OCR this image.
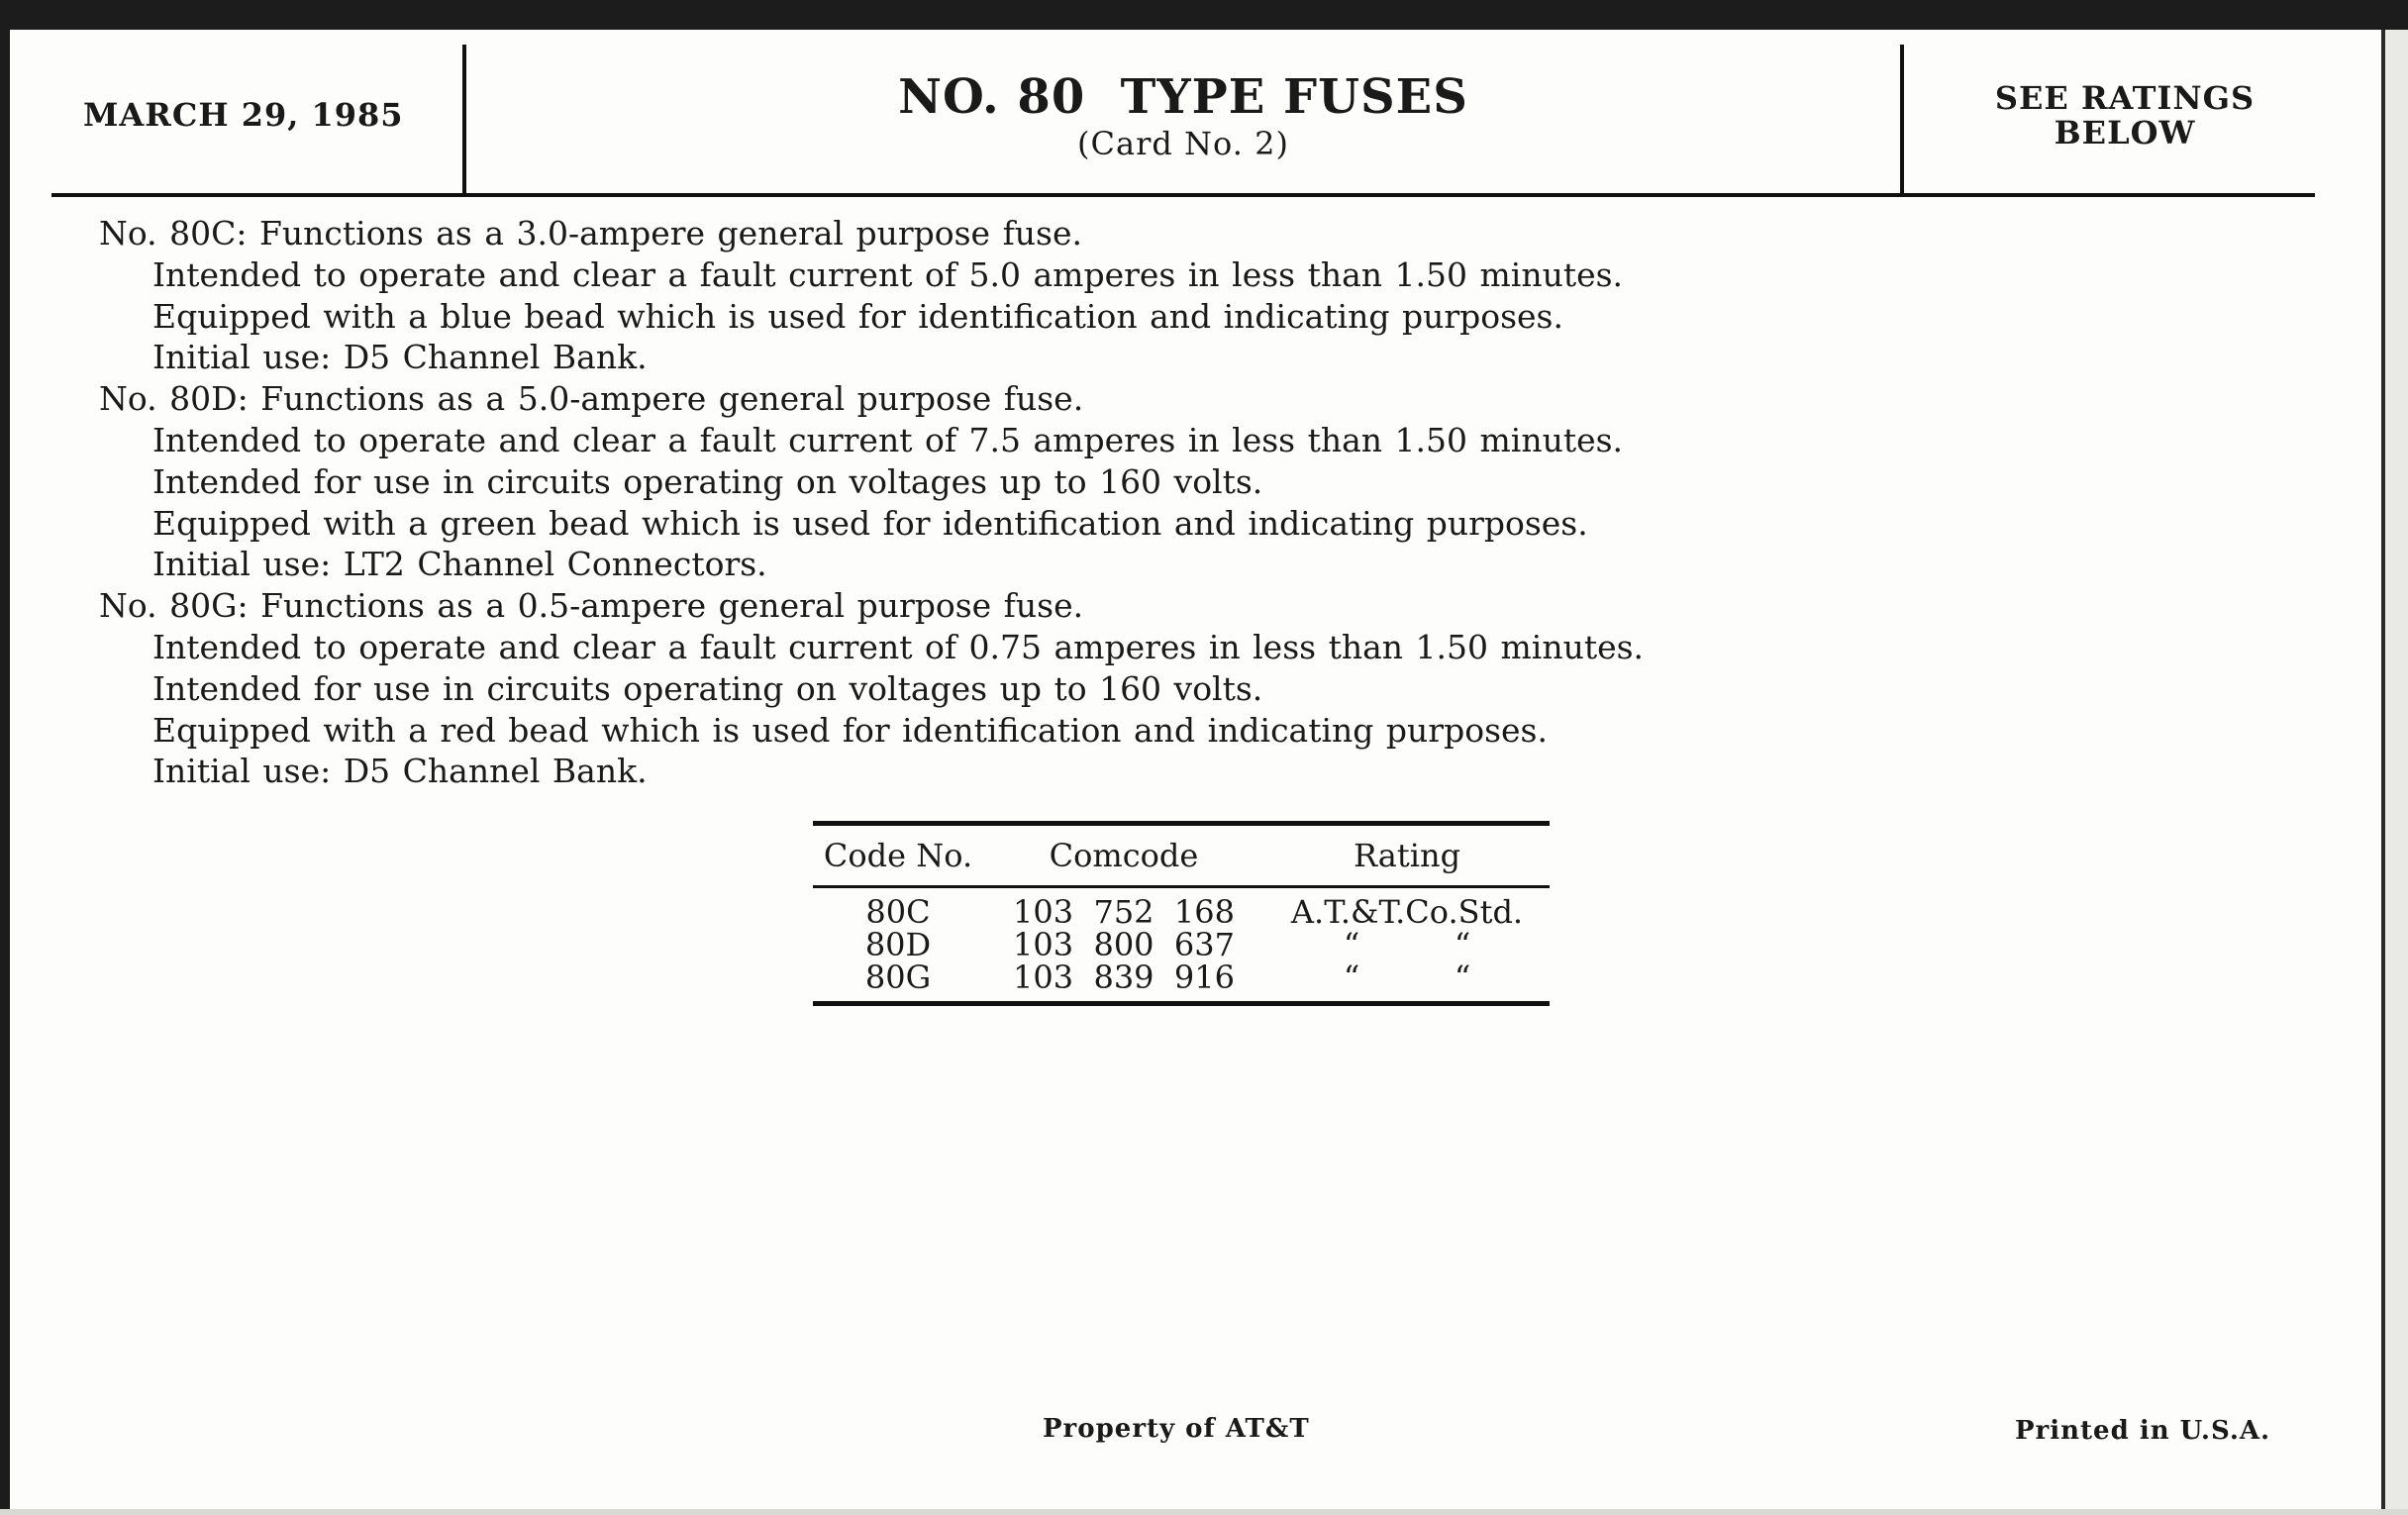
MARCH 29, 1985	NO. 80  TYPE FUSES
(Card No. 2)
SEE RATINGS
BELOW
No. 80C: Functions as a 3.0-ampere general purpose fuse.
Intended to operate and clear a fault current of 5.0 amperes in less than 1.50 minutes.
Equipped with a blue bead which is used for identification and indicating purposes.
Initial use: D5 Channel Bank.
No. 80D: Functions as a 5.0-ampere general purpose fuse.
Intended to operate and clear a fault current of 7.5 amperes in less than 1.50 minutes.
Intended for use in circuits operating on voltages up to 160 volts.
Equipped with a green bead which is used for identification and indicating purposes.
Initial use: LT2 Channel Connectors.
No. 80G: Functions as a 0.5-ampere general purpose fuse.
Intended to operate and clear a fault current of 0.75 amperes in less than 1.50 minutes.
Intended for use in circuits operating on voltages up to 160 volts.
Equipped with a red bead which is used for identification and indicating purposes.
Initial use: D5 Channel Bank.
Code No.	Comcode	Rating
80C	103  752  168	A.T.&T.Co.Std.
80D	103  800  637	“	“
80G	103  839  916	“	“
Property of AT&T	Printed in U.S.A.
